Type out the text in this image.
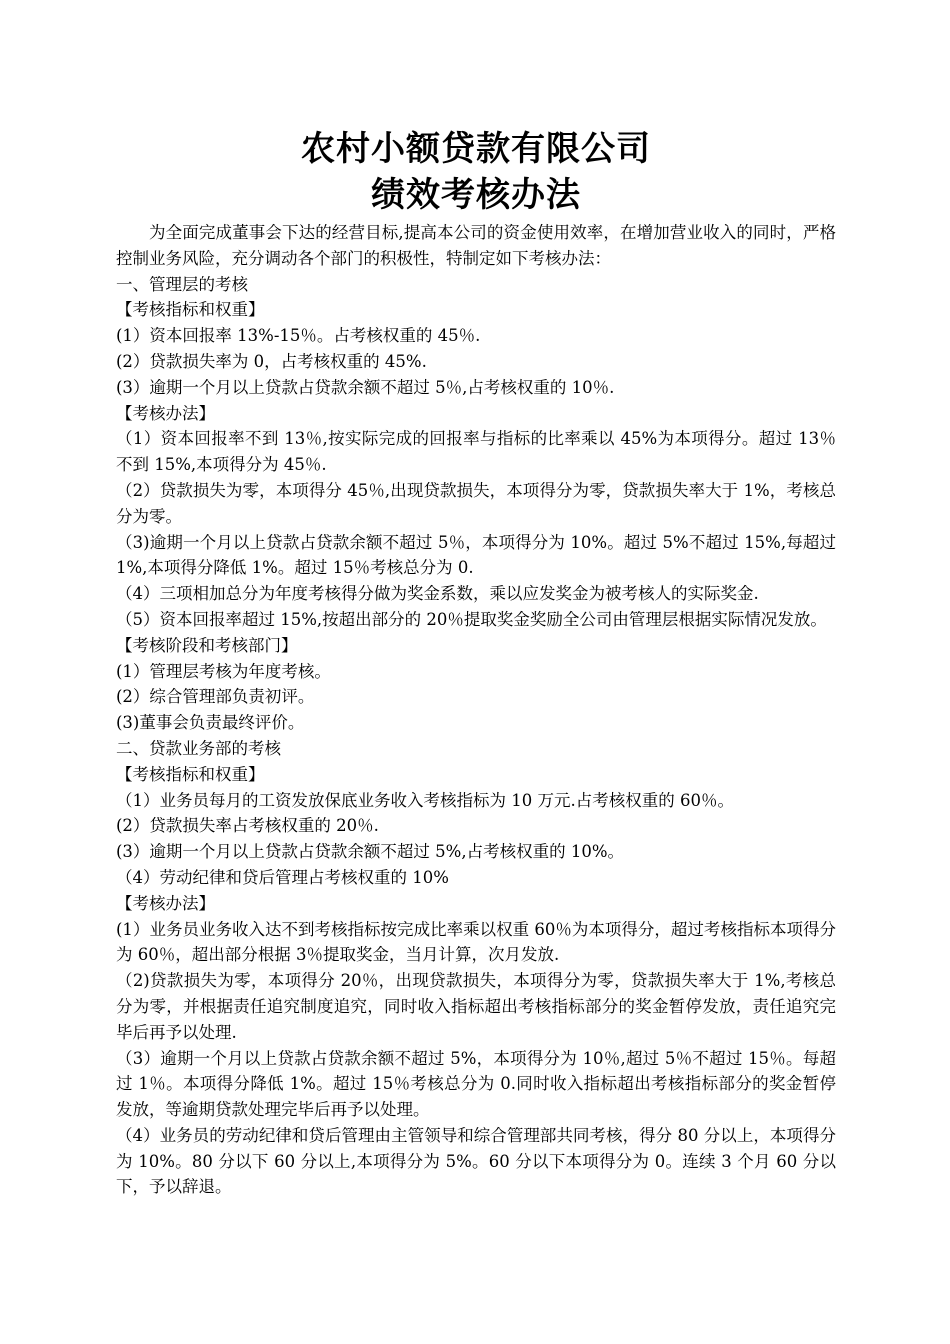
农村小额贷款有限公司
绩效考核办法

为全面完成董事会下达的经营目标,提高本公司的资金使用效率，在增加营业收入的同时，严格控制业务风险，充分调动各个部门的积极性，特制定如下考核办法：

一、管理层的考核

【考核指标和权重】

(1）资本回报率 13%-15％。占考核权重的 45％.

(2）贷款损失率为 0，占考核权重的 45%.

(3）逾期一个月以上贷款占贷款余额不超过 5％,占考核权重的 10％.

【考核办法】

（1）资本回报率不到 13％,按实际完成的回报率与指标的比率乘以 45%为本项得分。超过 13％不到 15%,本项得分为 45％.

（2）贷款损失为零，本项得分 45％,出现贷款损失，本项得分为零，贷款损失率大于 1%，考核总分为零。

（3)逾期一个月以上贷款占贷款余额不超过 5％，本项得分为 10%。超过 5%不超过 15%,每超过 1%,本项得分降低 1%。超过 15％考核总分为 0.

（4）三项相加总分为年度考核得分做为奖金系数，乘以应发奖金为被考核人的实际奖金.

（5）资本回报率超过 15%,按超出部分的 20％提取奖金奖励全公司由管理层根据实际情况发放。

【考核阶段和考核部门】

(1）管理层考核为年度考核。

(2）综合管理部负责初评。

(3)董事会负责最终评价。

二、贷款业务部的考核

【考核指标和权重】

（1）业务员每月的工资发放保底业务收入考核指标为 10 万元.占考核权重的 60％。

(2）贷款损失率占考核权重的 20％.

(3）逾期一个月以上贷款占贷款余额不超过 5%,占考核权重的 10%。

（4）劳动纪律和贷后管理占考核权重的 10%

【考核办法】

(1）业务员业务收入达不到考核指标按完成比率乘以权重 60％为本项得分，超过考核指标本项得分为 60％，超出部分根据 3％提取奖金，当月计算，次月发放.

（2)贷款损失为零，本项得分 20％，出现贷款损失，本项得分为零，贷款损失率大于 1%,考核总分为零，并根据责任追究制度追究，同时收入指标超出考核指标部分的奖金暂停发放，责任追究完毕后再予以处理.

（3）逾期一个月以上贷款占贷款余额不超过 5%，本项得分为 10％,超过 5％不超过 15％。每超过 1％。本项得分降低 1%。超过 15％考核总分为 0.同时收入指标超出考核指标部分的奖金暂停发放，等逾期贷款处理完毕后再予以处理。

（4）业务员的劳动纪律和贷后管理由主管领导和综合管理部共同考核，得分 80 分以上，本项得分为 10%。80 分以下 60 分以上,本项得分为 5%。60 分以下本项得分为 0。连续 3 个月 60 分以下，予以辞退。
